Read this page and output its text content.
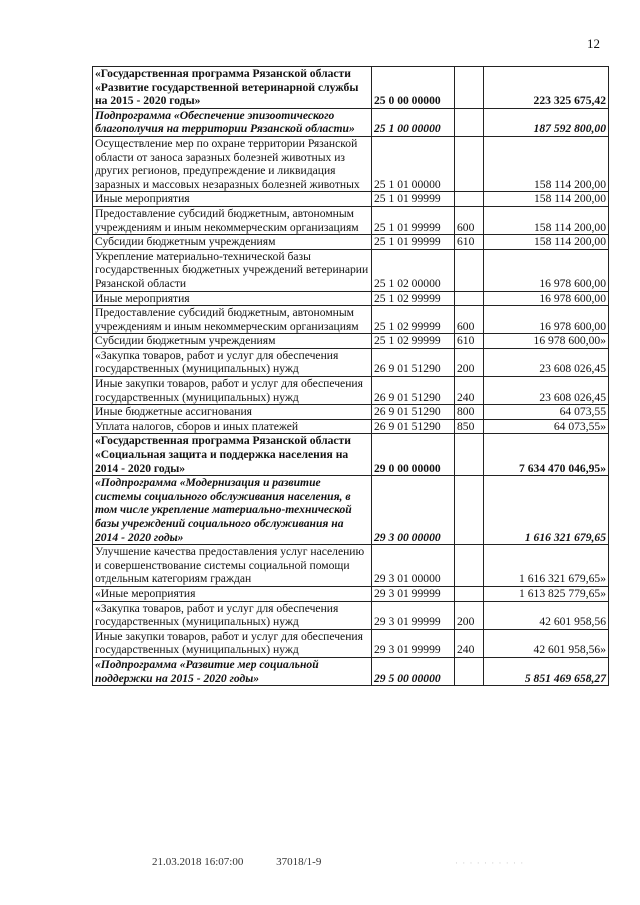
12
«Государственная программа Рязанской области «Развитие государственной ветеринарной службы на 2015 - 2020 годы»	25 0 00 00000		223 325 675,42
Подпрограмма «Обеспечение эпизоотического благополучия на территории Рязанской области»	25 1 00 00000		187 592 800,00
Осуществление мер по охране территории Рязанской области от заноса заразных болезней животных из других регионов, предупреждение и ликвидация заразных и массовых незаразных болезней животных	25 1 01 00000		158 114 200,00
Иные мероприятия	25 1 01 99999		158 114 200,00
Предоставление субсидий бюджетным, автономным учреждениям и иным некоммерческим организациям	25 1 01 99999	600	158 114 200,00
Субсидии бюджетным учреждениям	25 1 01 99999	610	158 114 200,00
Укрепление материально-технической базы государственных бюджетных учреждений ветеринарии Рязанской области	25 1 02 00000		16 978 600,00
Иные мероприятия	25 1 02 99999		16 978 600,00
Предоставление субсидий бюджетным, автономным учреждениям и иным некоммерческим организациям	25 1 02 99999	600	16 978 600,00
Субсидии бюджетным учреждениям	25 1 02 99999	610	16 978 600,00»
«Закупка товаров, работ и услуг для обеспечения государственных (муниципальных) нужд	26 9 01 51290	200	23 608 026,45
Иные закупки товаров, работ и услуг для обеспечения государственных (муниципальных) нужд	26 9 01 51290	240	23 608 026,45
Иные бюджетные ассигнования	26 9 01 51290	800	64 073,55
Уплата налогов, сборов и иных платежей	26 9 01 51290	850	64 073,55»
«Государственная программа Рязанской области «Социальная защита и поддержка населения на 2014 - 2020 годы»	29 0 00 00000		7 634 470 046,95»
«Подпрограмма «Модернизация и развитие системы социального обслуживания населения, в том числе укрепление материально-технической базы учреждений социального обслуживания на 2014 - 2020 годы»	29 3 00 00000		1 616 321 679,65
Улучшение качества предоставления услуг населению и совершенствование системы социальной помощи отдельным категориям граждан	29 3 01 00000		1 616 321 679,65»
«Иные мероприятия	29 3 01 99999		1 613 825 779,65»
«Закупка товаров, работ и услуг для обеспечения государственных (муниципальных) нужд	29 3 01 99999	200	42 601 958,56
Иные закупки товаров, работ и услуг для обеспечения государственных (муниципальных) нужд	29 3 01 99999	240	42 601 958,56»
«Подпрограмма «Развитие мер социальной поддержки на 2015 - 2020 годы»	29 5 00 00000		5 851 469 658,27
21.03.2018 16:07:00	37018/1-9	· · · · · · · · · ·
